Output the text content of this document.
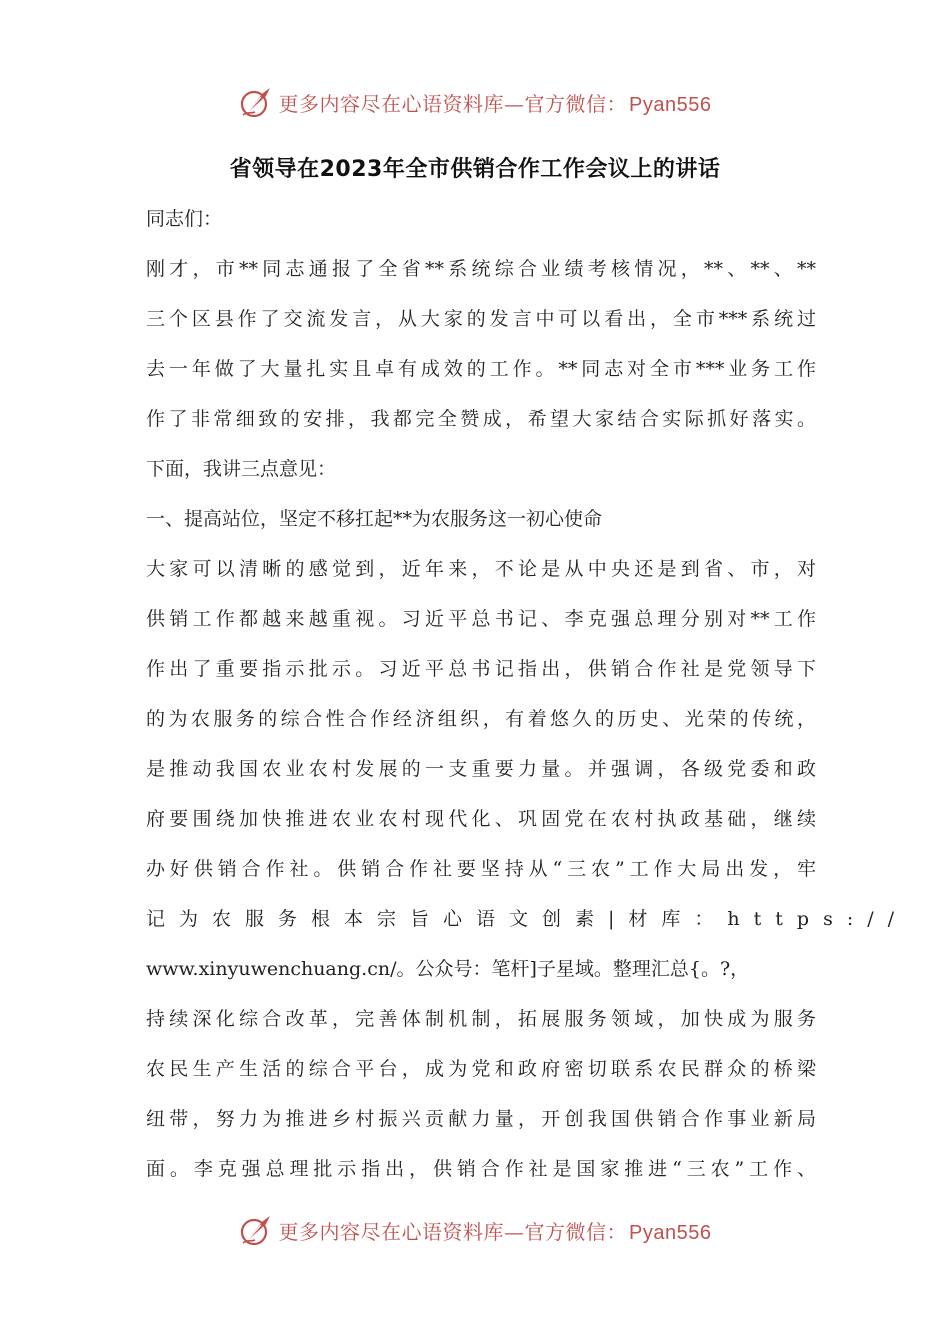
更多内容尽在心语资料库—官方微信： Pyan556
省领导在2023年全市供销合作工作会议上的讲话
同志们：
刚才，市**同志通报了全省**系统综合业绩考核情况，**、**、**
三个区县作了交流发言，从大家的发言中可以看出，全市***系统过
去一年做了大量扎实且卓有成效的工作。**同志对全市***业务工作
作了非常细致的安排，我都完全赞成，希望大家结合实际抓好落实。
下面，我讲三点意见：
一、提高站位，坚定不移扛起**为农服务这一初心使命
大家可以清晰的感觉到，近年来，不论是从中央还是到省、市，对
供销工作都越来越重视。习近平总书记、李克强总理分别对**工作
作出了重要指示批示。习近平总书记指出，供销合作社是党领导下
的为农服务的综合性合作经济组织，有着悠久的历史、光荣的传统，
是推动我国农业农村发展的一支重要力量。并强调，各级党委和政
府要围绕加快推进农业农村现代化、巩固党在农村执政基础，继续
办好供销合作社。供销合作社要坚持从“三农”工作大局出发，牢
记为农服务根本宗旨心语文创素|材库：https://
www.xinyuwenchuang.cn/。公众号：笔杆]子星域。整理汇总{。?，
持续深化综合改革，完善体制机制，拓展服务领域，加快成为服务
农民生产生活的综合平台，成为党和政府密切联系农民群众的桥梁
纽带，努力为推进乡村振兴贡献力量，开创我国供销合作事业新局
面。李克强总理批示指出，供销合作社是国家推进“三农”工作、
更多内容尽在心语资料库—官方微信： Pyan556
